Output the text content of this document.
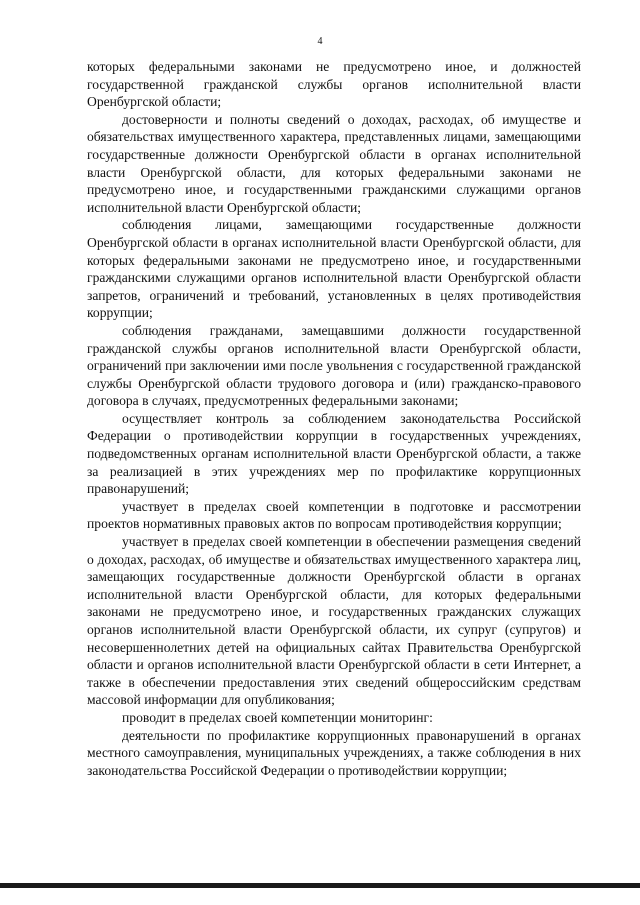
4

которых федеральными законами не предусмотрено иное, и должностей государственной гражданской службы органов исполнительной власти Оренбургской области;

достоверности и полноты сведений о доходах, расходах, об имуществе и обязательствах имущественного характера, представленных лицами, замещающими государственные должности Оренбургской области в органах исполнительной власти Оренбургской области, для которых федеральными законами не предусмотрено иное, и государственными гражданскими служащими органов исполнительной власти Оренбургской области;

соблюдения лицами, замещающими государственные должности Оренбургской области в органах исполнительной власти Оренбургской области, для которых федеральными законами не предусмотрено иное, и государственными гражданскими служащими органов исполнительной власти Оренбургской области запретов, ограничений и требований, установленных в целях противодействия коррупции;

соблюдения гражданами, замещавшими должности государственной гражданской службы органов исполнительной власти Оренбургской области, ограничений при заключении ими после увольнения с государственной гражданской службы Оренбургской области трудового договора и (или) гражданско-правового договора в случаях, предусмотренных федеральными законами;

осуществляет контроль за соблюдением законодательства Российской Федерации о противодействии коррупции в государственных учреждениях, подведомственных органам исполнительной власти Оренбургской области, а также за реализацией в этих учреждениях мер по профилактике коррупционных правонарушений;

участвует в пределах своей компетенции в подготовке и рассмотрении проектов нормативных правовых актов по вопросам противодействия коррупции;

участвует в пределах своей компетенции в обеспечении размещения сведений о доходах, расходах, об имуществе и обязательствах имущественного характера лиц, замещающих государственные должности Оренбургской области в органах исполнительной власти Оренбургской области, для которых федеральными законами не предусмотрено иное, и государственных гражданских служащих органов исполнительной власти Оренбургской области, их супруг (супругов) и несовершеннолетних детей на официальных сайтах Правительства Оренбургской области и органов исполнительной власти Оренбургской области в сети Интернет, а также в обеспечении предоставления этих сведений общероссийским средствам массовой информации для опубликования;

проводит в пределах своей компетенции мониторинг:

деятельности по профилактике коррупционных правонарушений в органах местного самоуправления, муниципальных учреждениях, а также соблюдения в них законодательства Российской Федерации о противодействии коррупции;
